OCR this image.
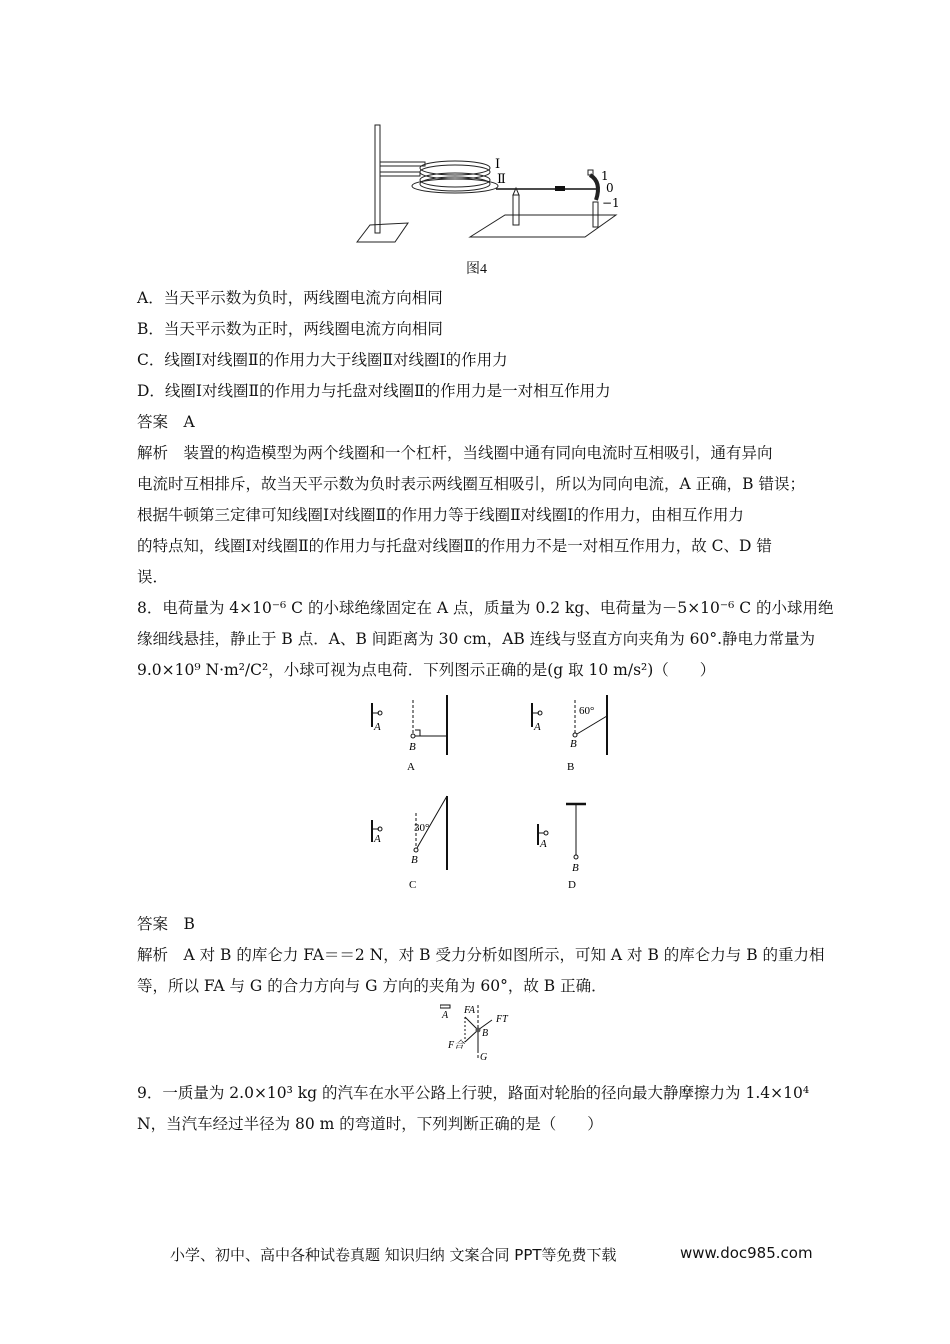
Ⅰ
Ⅱ	1
0
−1
图4
A．当天平示数为负时，两线圈电流方向相同
B．当天平示数为正时，两线圈电流方向相同
C．线圈Ⅰ对线圈Ⅱ的作用力大于线圈Ⅱ对线圈Ⅰ的作用力
D．线圈Ⅰ对线圈Ⅱ的作用力与托盘对线圈Ⅱ的作用力是一对相互作用力
答案　A
解析　装置的构造模型为两个线圈和一个杠杆，当线圈中通有同向电流时互相吸引，通有异向
电流时互相排斥，故当天平示数为负时表示两线圈互相吸引，所以为同向电流，A 正确，B 错误；
根据牛顿第三定律可知线圈Ⅰ对线圈Ⅱ的作用力等于线圈Ⅱ对线圈Ⅰ的作用力，由相互作用力
的特点知，线圈Ⅰ对线圈Ⅱ的作用力与托盘对线圈Ⅱ的作用力不是一对相互作用力，故 C、D 错
误．
8．电荷量为 4×10⁻⁶ C 的小球绝缘固定在 A 点，质量为 0.2 kg、电荷量为－5×10⁻⁶ C 的小球用绝
缘细线悬挂，静止于 B 点．A、B 间距离为 30 cm，AB 连线与竖直方向夹角为 60°.静电力常量为
9.0×10⁹ N·m²/C²，小球可视为点电荷．下列图示正确的是(g 取 10 m/s²)（　　）
A
B
A
A
60°
B
B
A
30°
B
C
A
B
D
答案　B
解析　A 对 B 的库仑力 FA＝＝2 N，对 B 受力分析如图所示，可知 A 对 B 的库仑力与 B 的重力相
等，所以 FA 与 G 的合力方向与 G 方向的夹角为 60°，故 B 正确．
A FA
FT
B
F合
G
9．一质量为 2.0×10³ kg 的汽车在水平公路上行驶，路面对轮胎的径向最大静摩擦力为 1.4×10⁴
N，当汽车经过半径为 80 m 的弯道时，下列判断正确的是（　　）
小学、初中、高中各种试卷真题 知识归纳 文案合同 PPT等免费下载	www.doc985.com
